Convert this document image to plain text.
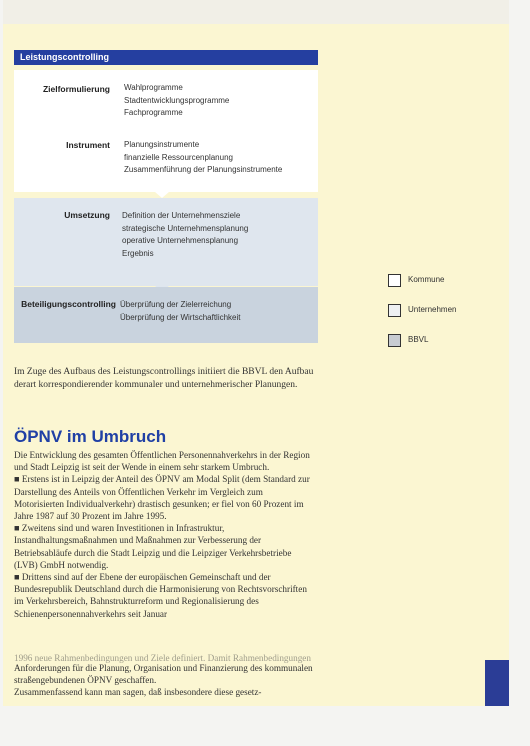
Leistungscontrolling
Zielformulierung Wahlprogramme
Stadtentwicklungsprogramme
Fachprogramme
Instrument Planungsinstrumente
finanzielle Ressourcenplanung
Zusammenführung der Planungsinstrumente
Umsetzung Definition der Unternehmensziele
strategische Unternehmensplanung
operative Unternehmensplanung
Ergebnis
Beteiligungscontrolling Überprüfung der Zielerreichung
Überprüfung der Wirtschaftlichkeit
Kommune
Unternehmen
BBVL
Im Zuge des Aufbaus des Leistungscontrollings initiiert die BBVL den Aufbau derart korrespondierender kommunaler und unternehmerischer Planungen.
ÖPNV im Umbruch

Die Entwicklung des gesamten Öffentlichen Personennahverkehrs in der Region und Stadt Leipzig ist seit der Wende in einem sehr starkem Umbruch.

■ Erstens ist in Leipzig der Anteil des ÖPNV am Modal Split (dem Standard zur Darstellung des Anteils von Öffentlichen Verkehr im Vergleich zum Motorisierten Individualverkehr) drastisch gesunken; er fiel von 60 Prozent im Jahre 1987 auf 30 Prozent im Jahre 1995.

■ Zweitens sind und waren Investitionen in Infrastruktur, Instandhaltungsmaßnahmen und Maßnahmen zur Verbesserung der Betriebsabläufe durch die Stadt Leipzig und die Leipziger Verkehrsbetriebe (LVB) GmbH notwendig.

■ Drittens sind auf der Ebene der europäischen Gemeinschaft und der Bundesrepublik Deutschland durch die Harmonisierung von Rechtsvorschriften im Verkehrsbereich, Bahnstrukturreform und Regionalisierung des Schienenpersonennahverkehrs seit Januar

1996 neue Rahmenbedingungen und Ziele definiert. Damit Rahmenbedingungen

Anforderungen für die Planung, Organisation und Finanzierung des kommunalen straßengebundenen ÖPNV geschaffen.

Zusammenfassend kann man sagen, daß insbesondere diese gesetz-
